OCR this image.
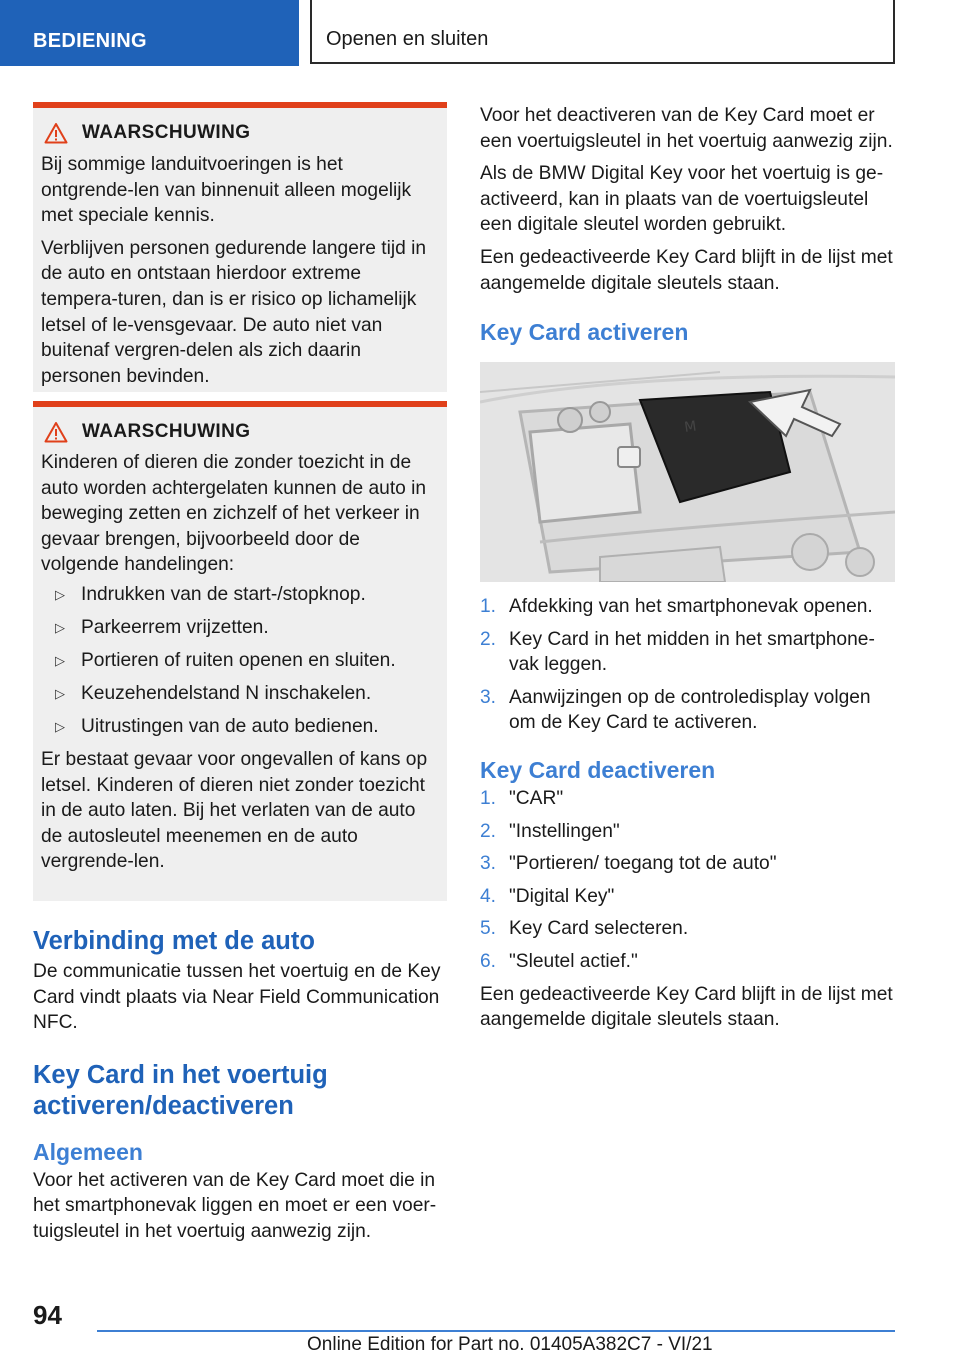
BEDIENING	Openen en sluiten
WAARSCHUWING

Bij sommige landuitvoeringen is het ontgrende‐len van binnenuit alleen mogelijk met speciale kennis.

Verblijven personen gedurende langere tijd in de auto en ontstaan hierdoor extreme tempera‐turen, dan is er risico op lichamelijk letsel of le‐vensgevaar. De auto niet van buitenaf vergren‐delen als zich daarin personen bevinden.

WAARSCHUWING

Kinderen of dieren die zonder toezicht in de auto worden achtergelaten kunnen de auto in beweging zetten en zichzelf of het verkeer in gevaar brengen, bijvoorbeeld door de volgende handelingen:

▷ Indrukken van de start-/stopknop.
▷ Parkeerrem vrijzetten.
▷ Portieren of ruiten openen en sluiten.
▷ Keuzehendelstand N inschakelen.
▷ Uitrustingen van de auto bedienen.

Er bestaat gevaar voor ongevallen of kans op letsel. Kinderen of dieren niet zonder toezicht in de auto laten. Bij het verlaten van de auto de autosleutel meenemen en de auto vergrende‐len.

Verbinding met de auto

De communicatie tussen het voertuig en de Key Card vindt plaats via Near Field Communication NFC.

Key Card in het voertuig activeren/deactiveren
Algemeen

Voor het activeren van de Key Card moet die in het smartphonevak liggen en moet er een voer‐tuigsleutel in het voertuig aanwezig zijn.

Voor het deactiveren van de Key Card moet er een voertuigsleutel in het voertuig aanwezig zijn.

Als de BMW Digital Key voor het voertuig is ge‐activeerd, kan in plaats van de voertuigsleutel een digitale sleutel worden gebruikt.

Een gedeactiveerde Key Card blijft in de lijst met aangemelde digitale sleutels staan.

Key Card activeren
M
1. Afdekking van het smartphonevak openen.
2. Key Card in het midden in het smartphone‐vak leggen.
3. Aanwijzingen op de controledisplay volgen om de Key Card te activeren.
Key Card deactiveren
1. "CAR"
2. "Instellingen"
3. "Portieren/ toegang tot de auto"
4. "Digital Key"
5. Key Card selecteren.
6. "Sleutel actief."

Een gedeactiveerde Key Card blijft in de lijst met aangemelde digitale sleutels staan.

94
Online Edition for Part no. 01405A382C7 - VI/21
